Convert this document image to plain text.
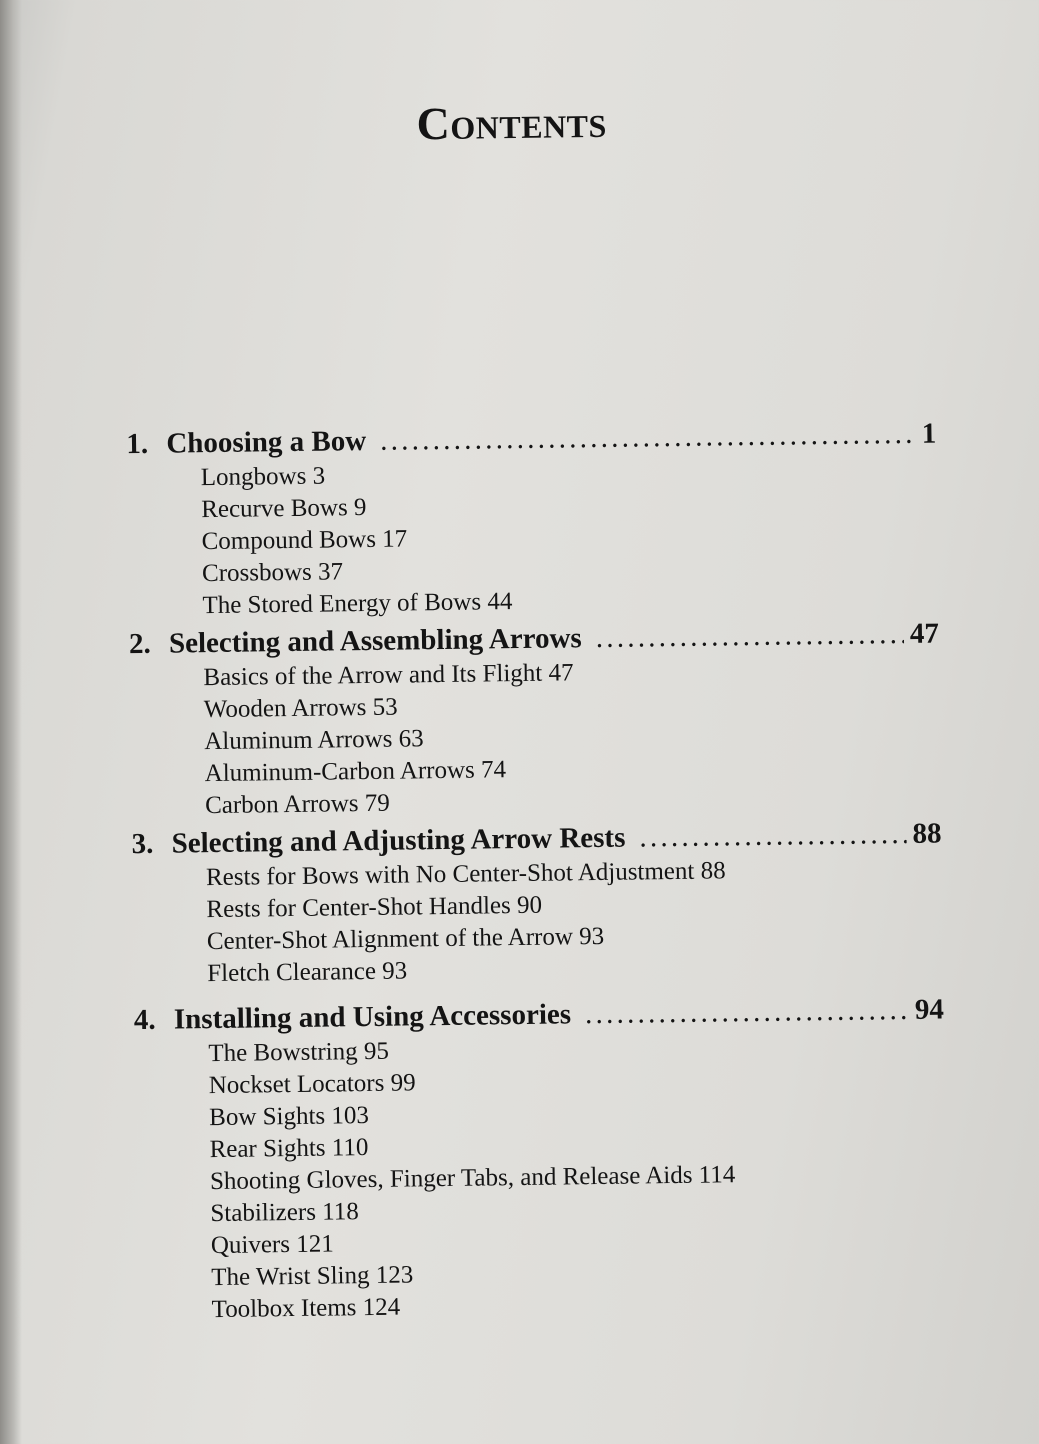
Contents
1. Choosing a Bow . . .	1
Longbows 3
Recurve Bows 9
Compound Bows 17
Crossbows 37
The Stored Energy of Bows 44
2. Selecting and Assembling Arrows . . .	47
Basics of the Arrow and Its Flight 47
Wooden Arrows 53
Aluminum Arrows 63
Aluminum-Carbon Arrows 74
Carbon Arrows 79
3. Selecting and Adjusting Arrow Rests . . .	88
Rests for Bows with No Center-Shot Adjustment 88
Rests for Center-Shot Handles 90
Center-Shot Alignment of the Arrow 93
Fletch Clearance 93
4. Installing and Using Accessories . . .	94
The Bowstring 95
Nockset Locators 99
Bow Sights 103
Rear Sights 110
Shooting Gloves, Finger Tabs, and Release Aids 114
Stabilizers 118
Quivers 121
The Wrist Sling 123
Toolbox Items 124
